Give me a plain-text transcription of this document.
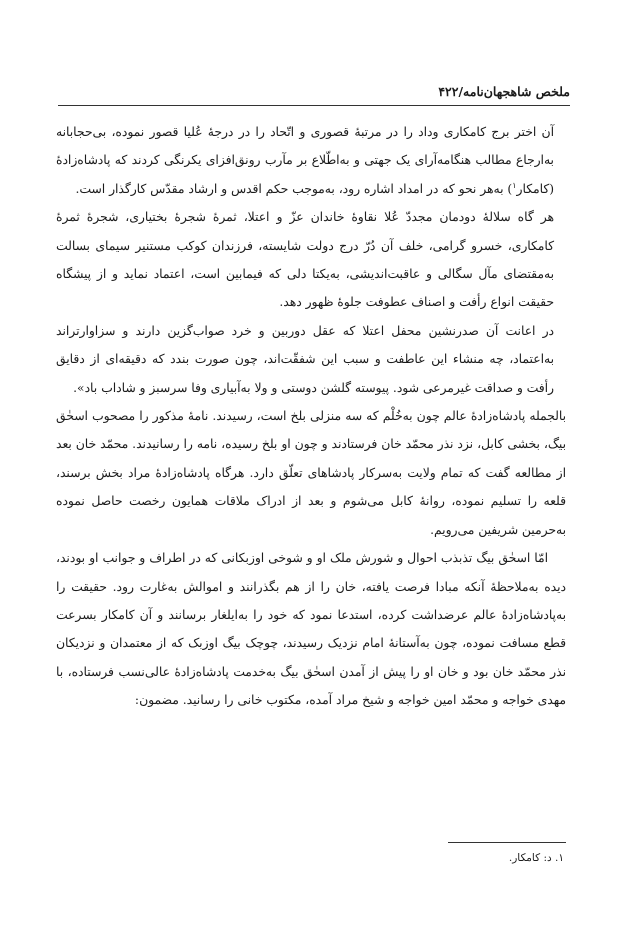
ملخص شاهجهان‌نامه/۴۲۲

آن اختر برج کامکاری وداد را در مرتبهٔ قصوری و اتّحاد را در درجهٔ عُلیا قصور نموده، بی‌حجابانه به‌ارجاع مطالب هنگامه‌آرای یک جهتی و به‌اطّلاع بر مآرب رونق‌افزای یکرنگی کردند که پادشاه‌زادهٔ (کامکار$^۱$) به‌هر نحو که در امداد اشاره رود، به‌موجب حکم اقدس و ارشاد مقدّس کارگذار است.

هر گاه سلالهٔ دودمان مجددّ عُلا نقاوهٔ خاندان عزّ و اعتلا، ثمرهٔ شجرهٔ بختیاری، شجرهٔ ثمرهٔ کامکاری، خسرو گرامی، خلف آن دُرّ درج دولت شایسته، فرزندان کوکب مستنیر سیمای بسالت به‌مقتضای مآل سگالی و عاقبت‌اندیشی، به‌یکتا دلی که فیمابین است، اعتماد نماید و از پیشگاه حقیقت انواع رأفت و اصناف عطوفت جلوهٔ ظهور دهد.

در اعانت آن صدرنشین محفل اعتلا که عقل دوربین و خرد صواب‌گزین دارند و سزاوارتراند به‌اعتماد، چه منشاء این عاطفت و سبب این شفقّت‌اند، چون صورت بندد که دقیقه‌ای از دقایق رأفت و صداقت غیرمرعی شود. پیوسته گلشن دوستی و ولا به‌آبیاری وفا سرسبز و شاداب باد».

بالجمله پادشاه‌زادهٔ عالم چون به‌خُلْم که سه منزلی بلخ است، رسیدند. نامهٔ مذکور را مصحوب اسحٰق بیگ، بخشی کابل، نزد نذر محمّد خان فرستادند و چون او بلخ رسیده، نامه را رسانیدند. محمّد خان بعد از مطالعه گفت که تمام ولایت به‌سرکار پادشاهای تعلّق دارد. هرگاه پادشاه‌زادهٔ مراد بخش برسند، قلعه را تسلیم نموده، روانهٔ کابل می‌شوم و بعد از ادراک ملاقات همایون رخصت حاصل نموده به‌حرمین شریفین می‌رویم.

امّا اسحٰق بیگ تذبذب احوال و شورش ملک او و شوخی اوزبکانی که در اطراف و جوانب او بودند، دیده به‌ملاحظهٔ آنکه مبادا فرصت یافته، خان را از هم بگذرانند و اموالش به‌غارت رود. حقیقت را به‌پادشاه‌زادهٔ عالم عرضداشت کرده، استدعا نمود که خود را به‌ایلغار برسانند و آن کامکار بسرعت قطع مسافت نموده، چون به‌آستانهٔ امام نزدیک رسیدند، چوچک بیگ اوزبک که از معتمدان و نزدیکان نذر محمّد خان بود و خان او را پیش از آمدن اسحٰق بیگ به‌خدمت پادشاه‌زادهٔ عالی‌نسب فرستاده، با مهدی خواجه و محمّد امین خواجه و شیخ مراد آمده، مکتوب خانی را رسانید. مضمون:

۱. د: کامکار.
